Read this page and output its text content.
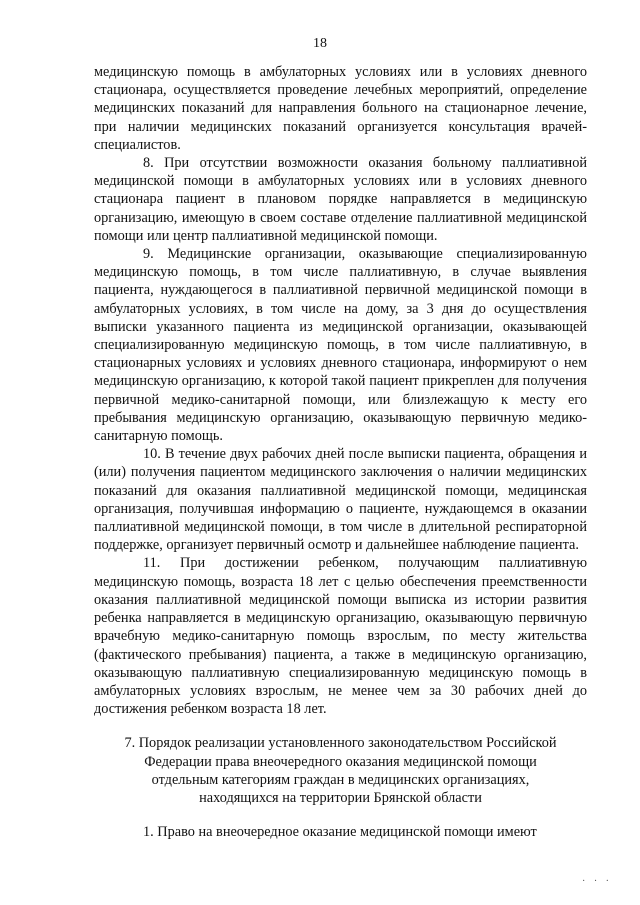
18

медицинскую помощь в амбулаторных условиях или в условиях дневного стационара, осуществляется проведение лечебных мероприятий, определение медицинских показаний для направления больного на стационарное лечение, при наличии медицинских показаний организуется консультация врачей-специалистов.

8. При отсутствии возможности оказания больному паллиативной медицинской помощи в амбулаторных условиях или в условиях дневного стационара пациент в плановом порядке направляется в медицинскую организацию, имеющую в своем составе отделение паллиативной медицинской помощи или центр паллиативной медицинской помощи.

9. Медицинские организации, оказывающие специализированную медицинскую помощь, в том числе паллиативную, в случае выявления пациента, нуждающегося в паллиативной первичной медицинской помощи в амбулаторных условиях, в том числе на дому, за 3 дня до осуществления выписки указанного пациента из медицинской организации, оказывающей специализированную медицинскую помощь, в том числе паллиативную, в стационарных условиях и условиях дневного стационара, информируют о нем медицинскую организацию, к которой такой пациент прикреплен для получения первичной медико-санитарной помощи, или близлежащую к месту его пребывания медицинскую организацию, оказывающую первичную медико-санитарную помощь.

10. В течение двух рабочих дней после выписки пациента, обращения и (или) получения пациентом медицинского заключения о наличии медицинских показаний для оказания паллиативной медицинской помощи, медицинская организация, получившая информацию о пациенте, нуждающемся в оказании паллиативной медицинской помощи, в том числе в длительной респираторной поддержке, организует первичный осмотр и дальнейшее наблюдение пациента.

11. При достижении ребенком, получающим паллиативную медицинскую помощь, возраста 18 лет с целью обеспечения преемственности оказания паллиативной медицинской помощи выписка из истории развития ребенка направляется в медицинскую организацию, оказывающую первичную врачебную медико-санитарную помощь взрослым, по месту жительства (фактического пребывания) пациента, а также в медицинскую организацию, оказывающую паллиативную специализированную медицинскую помощь в амбулаторных условиях взрослым, не менее чем за 30 рабочих дней до достижения ребенком возраста 18 лет.

7. Порядок реализации установленного законодательством Российской
Федерации права внеочередного оказания медицинской помощи
отдельным категориям граждан в медицинских организациях,
находящихся на территории Брянской области

1. Право на внеочередное оказание медицинской помощи имеют

· · ·
